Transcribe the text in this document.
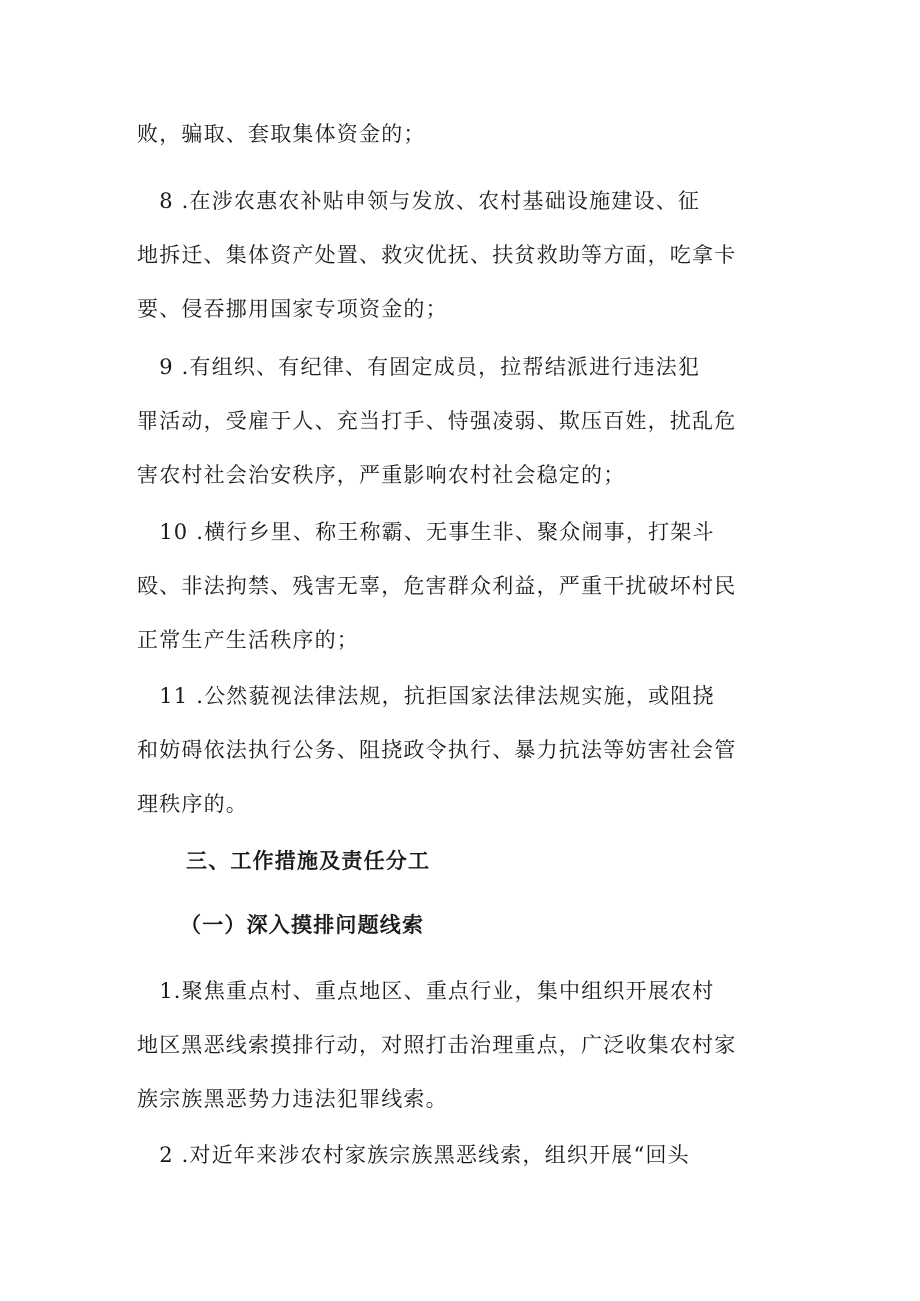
败，骗取、套取集体资金的；

　8 .在涉农惠农补贴申领与发放、农村基础设施建设、征
地拆迁、集体资产处置、救灾优抚、扶贫救助等方面，吃拿卡
要、侵吞挪用国家专项资金的；

　9 .有组织、有纪律、有固定成员，拉帮结派进行违法犯
罪活动，受雇于人、充当打手、恃强凌弱、欺压百姓，扰乱危
害农村社会治安秩序，严重影响农村社会稳定的；

　10 .横行乡里、称王称霸、无事生非、聚众闹事，打架斗
殴、非法拘禁、残害无辜，危害群众利益，严重干扰破坏村民
正常生产生活秩序的；

　11 .公然藐视法律法规，抗拒国家法律法规实施，或阻挠
和妨碍依法执行公务、阻挠政令执行、暴力抗法等妨害社会管
理秩序的。

三、工作措施及责任分工
（一）深入摸排问题线索

　1.聚焦重点村、重点地区、重点行业，集中组织开展农村
地区黑恶线索摸排行动，对照打击治理重点，广泛收集农村家
族宗族黑恶势力违法犯罪线索。

　2 .对近年来涉农村家族宗族黑恶线索，组织开展“回头
